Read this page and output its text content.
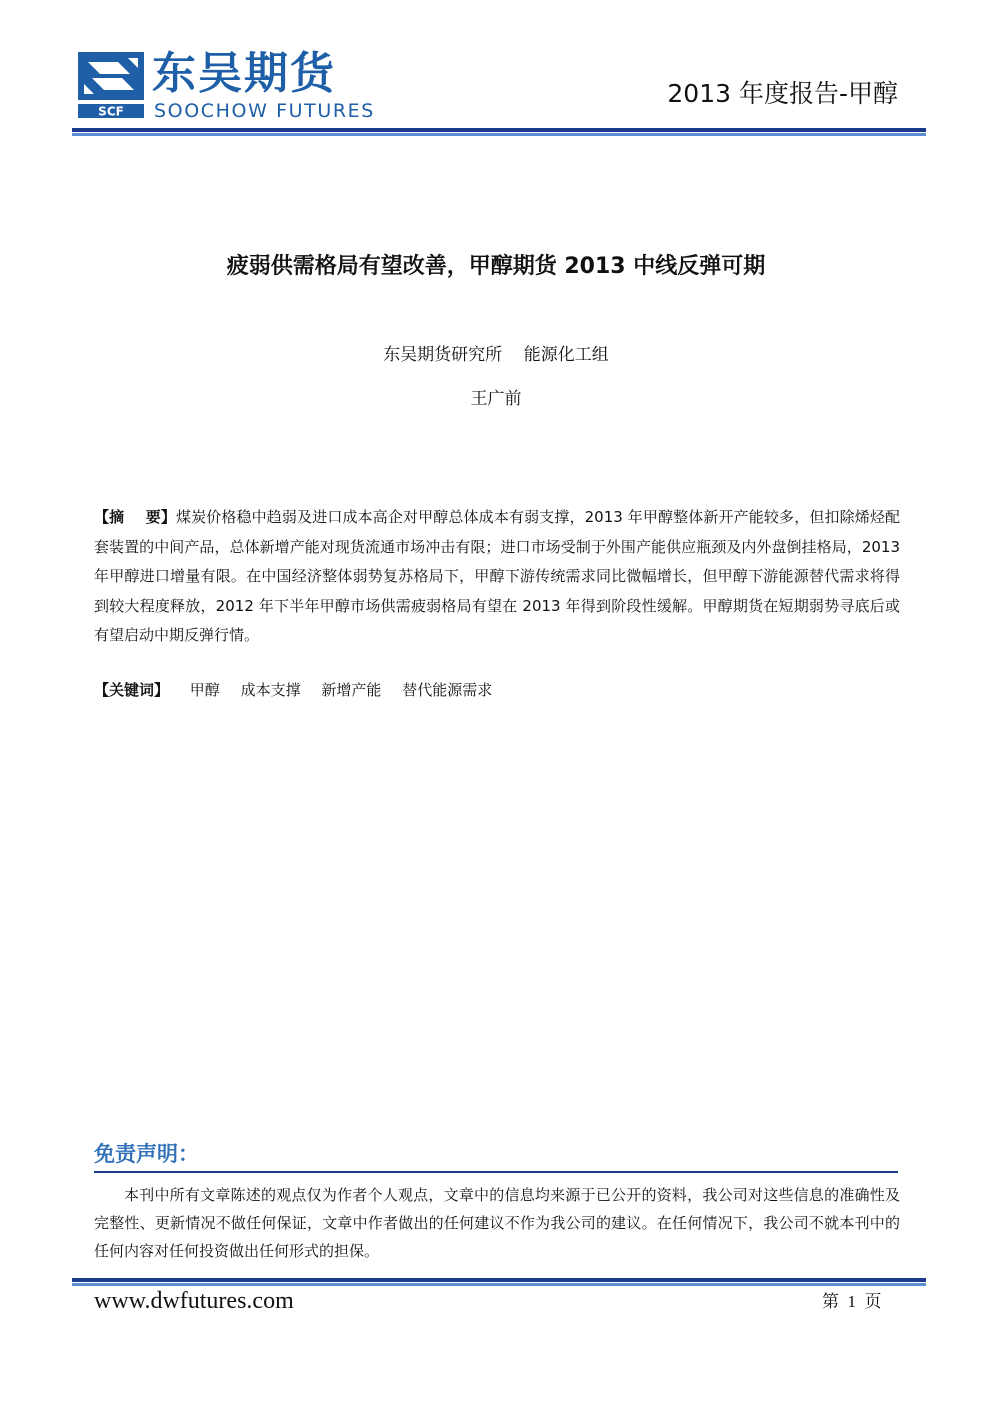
SCF
东吴期货
SOOCHOW FUTURES
2013 年度报告-甲醇
疲弱供需格局有望改善，甲醇期货 2013 中线反弹可期
东吴期货研究所    能源化工组
王广前
【摘    要】煤炭价格稳中趋弱及进口成本高企对甲醇总体成本有弱支撑，2013 年甲醇整体新开产能较多，但扣除烯烃配套装置的中间产品，总体新增产能对现货流通市场冲击有限；进口市场受制于外围产能供应瓶颈及内外盘倒挂格局，2013 年甲醇进口增量有限。在中国经济整体弱势复苏格局下，甲醇下游传统需求同比微幅增长，但甲醇下游能源替代需求将得到较大程度释放，2012 年下半年甲醇市场供需疲弱格局有望在 2013 年得到阶段性缓解。甲醇期货在短期弱势寻底后或有望启动中期反弹行情。
【关键词】 甲醇 成本支撑 新增产能 替代能源需求
免责声明：
本刊中所有文章陈述的观点仅为作者个人观点，文章中的信息均来源于已公开的资料，我公司对这些信息的准确性及完整性、更新情况不做任何保证，文章中作者做出的任何建议不作为我公司的建议。在任何情况下，我公司不就本刊中的任何内容对任何投资做出任何形式的担保。
www.dwfutures.com	第  1  页
